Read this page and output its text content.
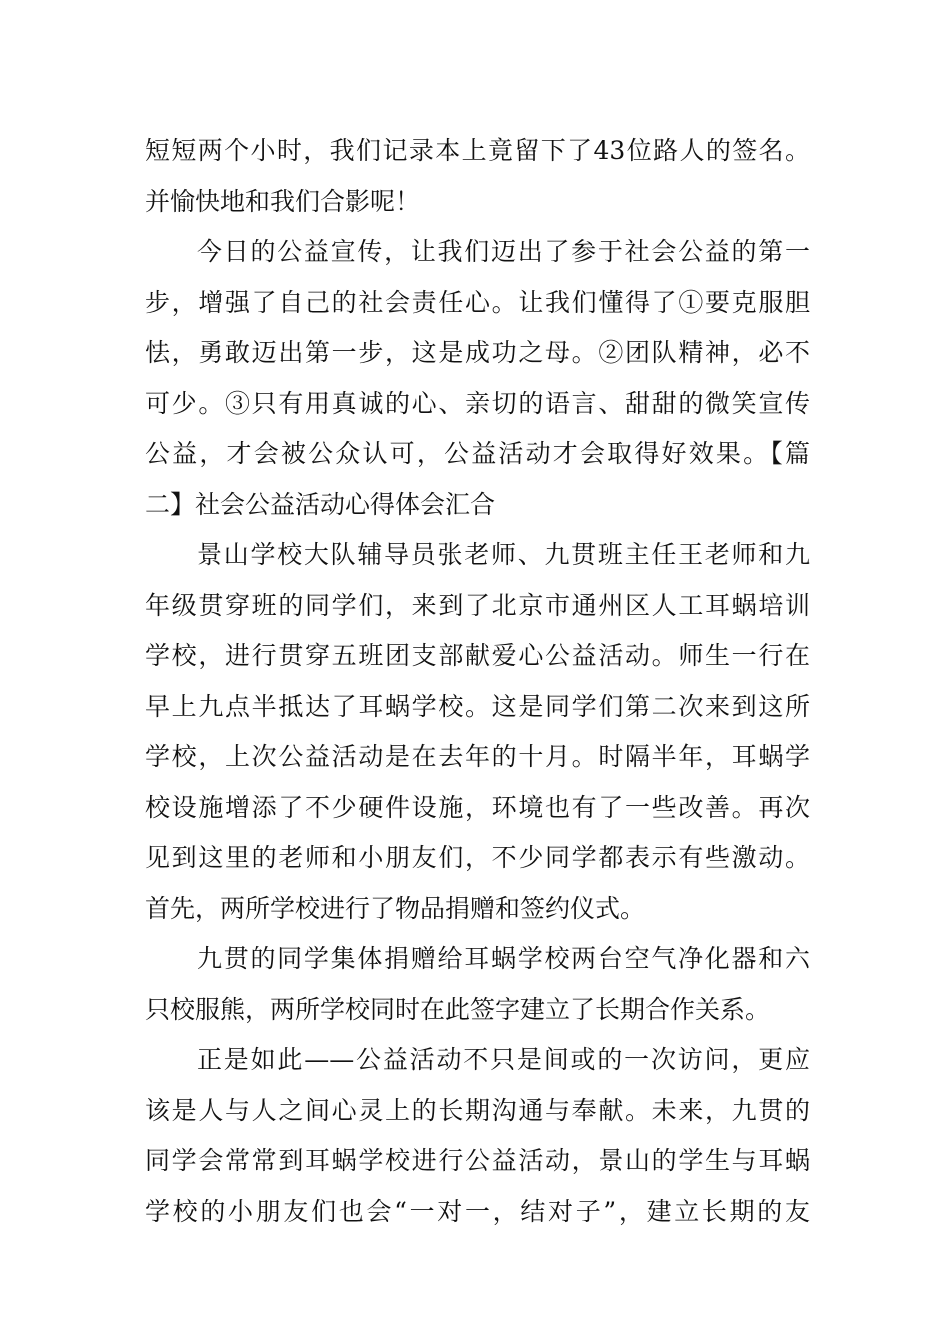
短短两个小时，我们记录本上竟留下了43位路人的签名。
并愉快地和我们合影呢！
今日的公益宣传，让我们迈出了参于社会公益的第一
步，增强了自己的社会责任心。让我们懂得了①要克服胆
怯，勇敢迈出第一步，这是成功之母。②团队精神，必不
可少。③只有用真诚的心、亲切的语言、甜甜的微笑宣传
公益，才会被公众认可，公益活动才会取得好效果。【篇
二】社会公益活动心得体会汇合
景山学校大队辅导员张老师、九贯班主任王老师和九
年级贯穿班的同学们，来到了北京市通州区人工耳蜗培训
学校，进行贯穿五班团支部献爱心公益活动。师生一行在
早上九点半抵达了耳蜗学校。这是同学们第二次来到这所
学校，上次公益活动是在去年的十月。时隔半年，耳蜗学
校设施增添了不少硬件设施，环境也有了一些改善。再次
见到这里的老师和小朋友们，不少同学都表示有些激动。
首先，两所学校进行了物品捐赠和签约仪式。
九贯的同学集体捐赠给耳蜗学校两台空气净化器和六
只校服熊，两所学校同时在此签字建立了长期合作关系。
正是如此——公益活动不只是间或的一次访问，更应
该是人与人之间心灵上的长期沟通与奉献。未来，九贯的
同学会常常到耳蜗学校进行公益活动，景山的学生与耳蜗
学校的小朋友们也会“一对一，结对子”，建立长期的友
